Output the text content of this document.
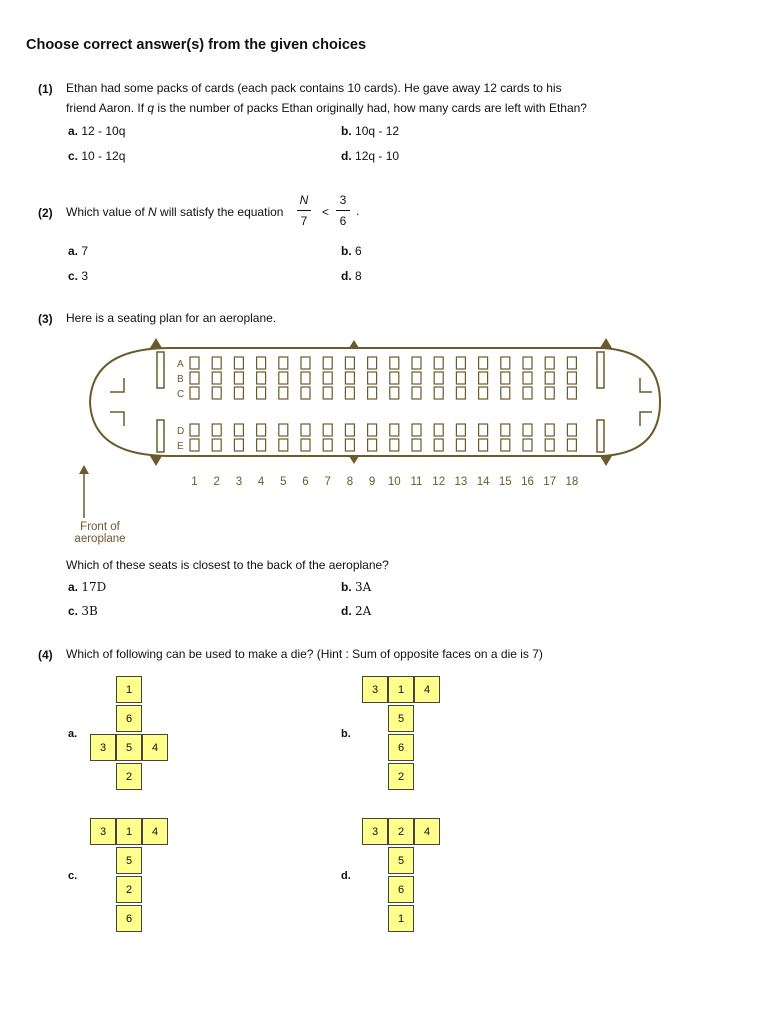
Choose correct answer(s) from the given choices
(1) Ethan had some packs of cards (each pack contains 10 cards). He gave away 12 cards to his
friend Aaron. If q is the number of packs Ethan originally had, how many cards are left with Ethan?
a. 12 - 10q	b. 10q - 12
c. 10 - 12q	d. 12q - 10
(2) Which value of N will satisfy the equation
N
7
<
3
6
.
a. 7	b. 6
c. 3	d. 8
(3) Here is a seating plan for an aeroplane.
A
B
C
D
E
1 2 3 4 5 6 7 8 9 10 11 12 13 14 15 16 17 18
Front of
aeroplane
Which of these seats is closest to the back of the aeroplane?
a. 17D	b. 3A
c. 3B	d. 2A
(4) Which of following can be used to make a die? (Hint : Sum of opposite faces on a die is 7)
a.
1
6
3	5	4
2
b.
3	1	4
5
6
2
c.
3	1	4
5
2
6
d.
3	2	4
5
6
1
